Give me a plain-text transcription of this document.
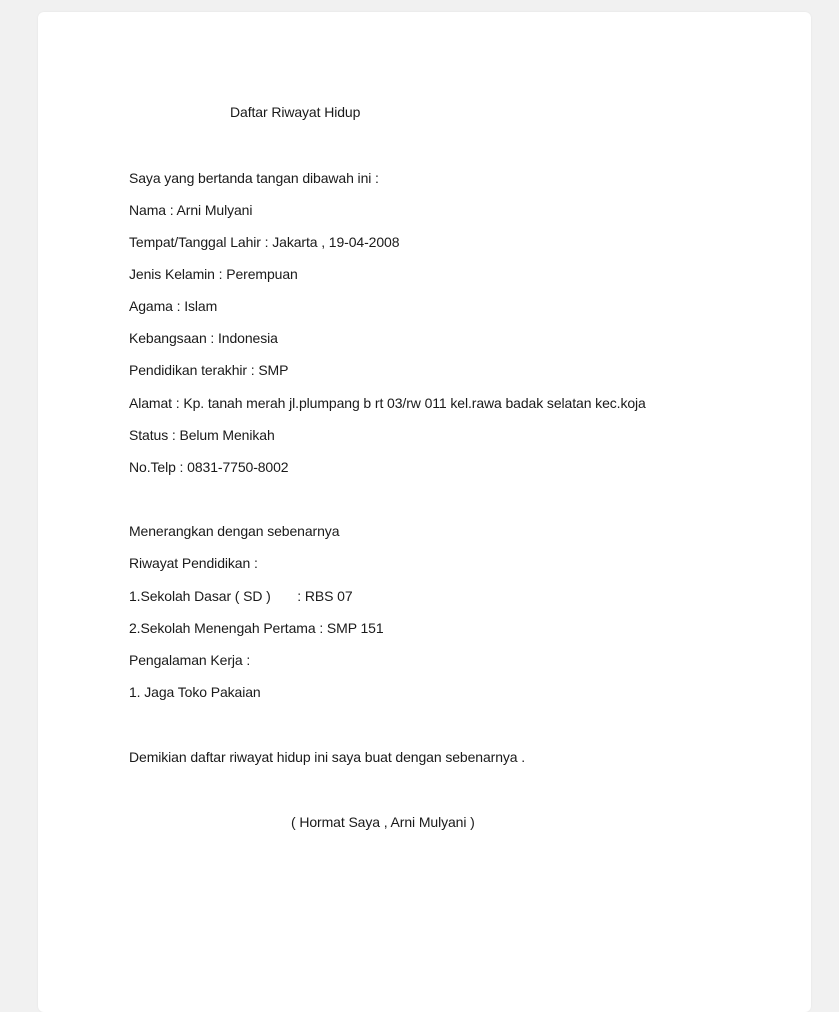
Daftar Riwayat Hidup
Saya yang bertanda tangan dibawah ini :
Nama : Arni Mulyani
Tempat/Tanggal Lahir : Jakarta , 19-04-2008
Jenis Kelamin : Perempuan
Agama : Islam
Kebangsaan : Indonesia
Pendidikan terakhir : SMP
Alamat : Kp. tanah merah jl.plumpang b rt 03/rw 011 kel.rawa badak selatan kec.koja
Status : Belum Menikah
No.Telp : 0831-7750-8002
Menerangkan dengan sebenarnya
Riwayat Pendidikan :
1.Sekolah Dasar ( SD )       : RBS 07
2.Sekolah Menengah Pertama : SMP 151
Pengalaman Kerja :
1. Jaga Toko Pakaian
Demikian daftar riwayat hidup ini saya buat dengan sebenarnya .
( Hormat Saya , Arni Mulyani )
